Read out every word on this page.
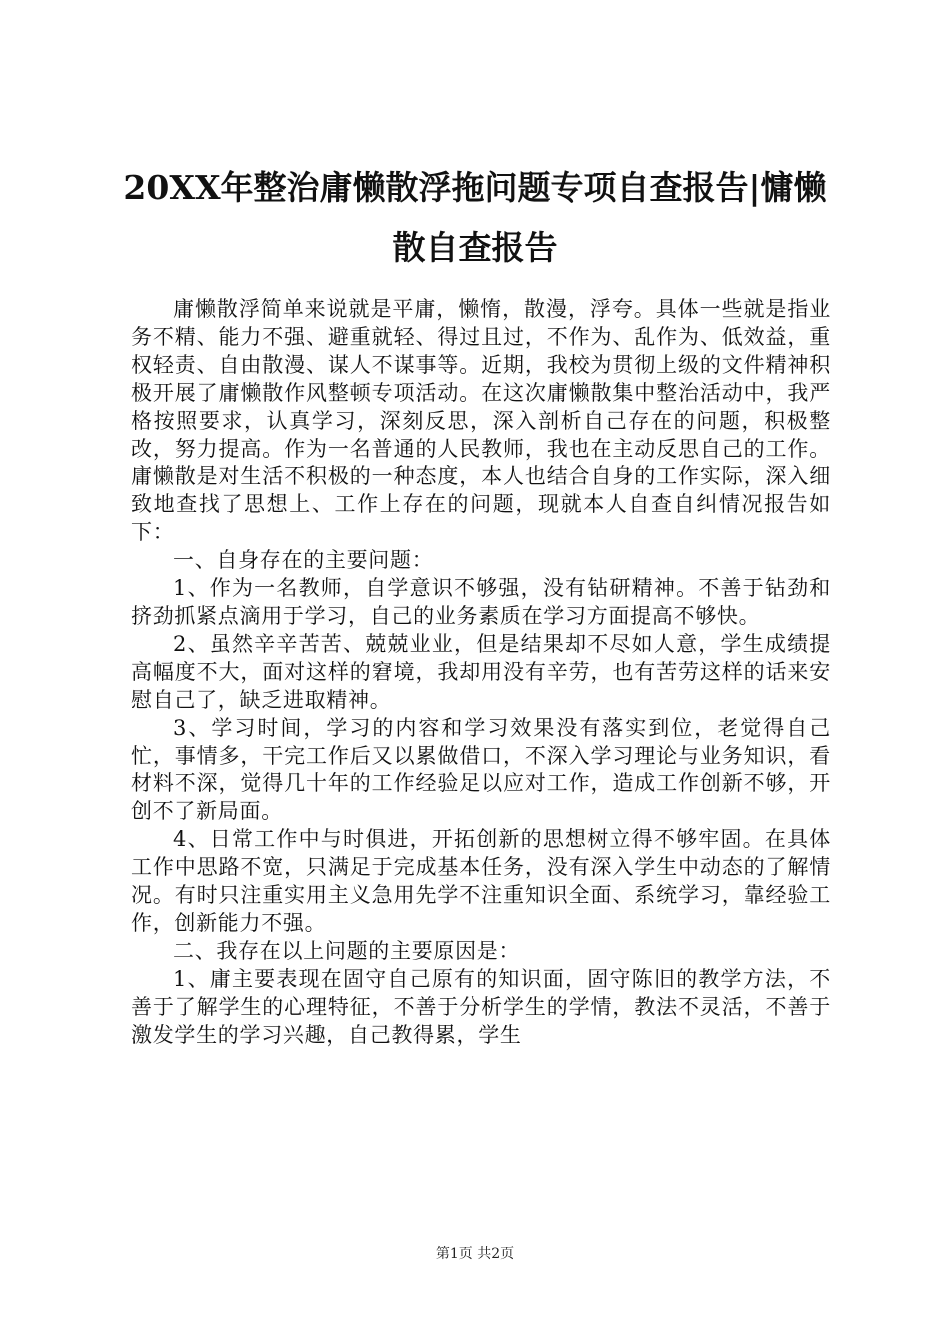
20XX年整治庸懒散浮拖问题专项自查报告|慵懒散自查报告

庸懒散浮简单来说就是平庸，懒惰，散漫，浮夸。具体一些就是指业务不精、能力不强、避重就轻、得过且过，不作为、乱作为、低效益，重权轻责、自由散漫、谋人不谋事等。近期，我校为贯彻上级的文件精神积极开展了庸懒散作风整顿专项活动。在这次庸懒散集中整治活动中，我严格按照要求，认真学习，深刻反思，深入剖析自己存在的问题，积极整改，努力提高。作为一名普通的人民教师，我也在主动反思自己的工作。庸懒散是对生活不积极的一种态度，本人也结合自身的工作实际，深入细致地查找了思想上、工作上存在的问题，现就本人自查自纠情况报告如下：

一、自身存在的主要问题：

1、作为一名教师，自学意识不够强，没有钻研精神。不善于钻劲和挤劲抓紧点滴用于学习，自己的业务素质在学习方面提高不够快。

2、虽然辛辛苦苦、兢兢业业，但是结果却不尽如人意，学生成绩提高幅度不大，面对这样的窘境，我却用没有辛劳，也有苦劳这样的话来安慰自己了，缺乏进取精神。

3、学习时间，学习的内容和学习效果没有落实到位，老觉得自己忙，事情多，干完工作后又以累做借口，不深入学习理论与业务知识，看材料不深，觉得几十年的工作经验足以应对工作，造成工作创新不够，开创不了新局面。

4、日常工作中与时俱进，开拓创新的思想树立得不够牢固。在具体工作中思路不宽，只满足于完成基本任务，没有深入学生中动态的了解情况。有时只注重实用主义急用先学不注重知识全面、系统学习，靠经验工作，创新能力不强。

二、我存在以上问题的主要原因是：

1、庸主要表现在固守自己原有的知识面，固守陈旧的教学方法，不善于了解学生的心理特征，不善于分析学生的学情，教法不灵活，不善于激发学生的学习兴趣，自己教得累，学生

第1页 共2页
